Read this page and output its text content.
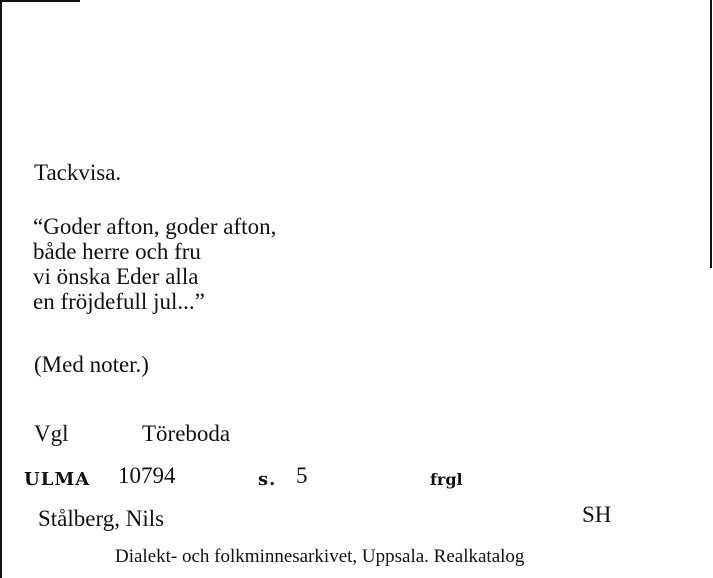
Tackvisa.
“Goder afton, goder afton,
både herre och fru
vi önska Eder alla
en fröjdefull jul...”
(Med noter.)
Vgl	Töreboda
ULMA 10794	s. 5	frgl
Stålberg, Nils	SH
Dialekt- och folkminnesarkivet, Uppsala. Realkatalog
